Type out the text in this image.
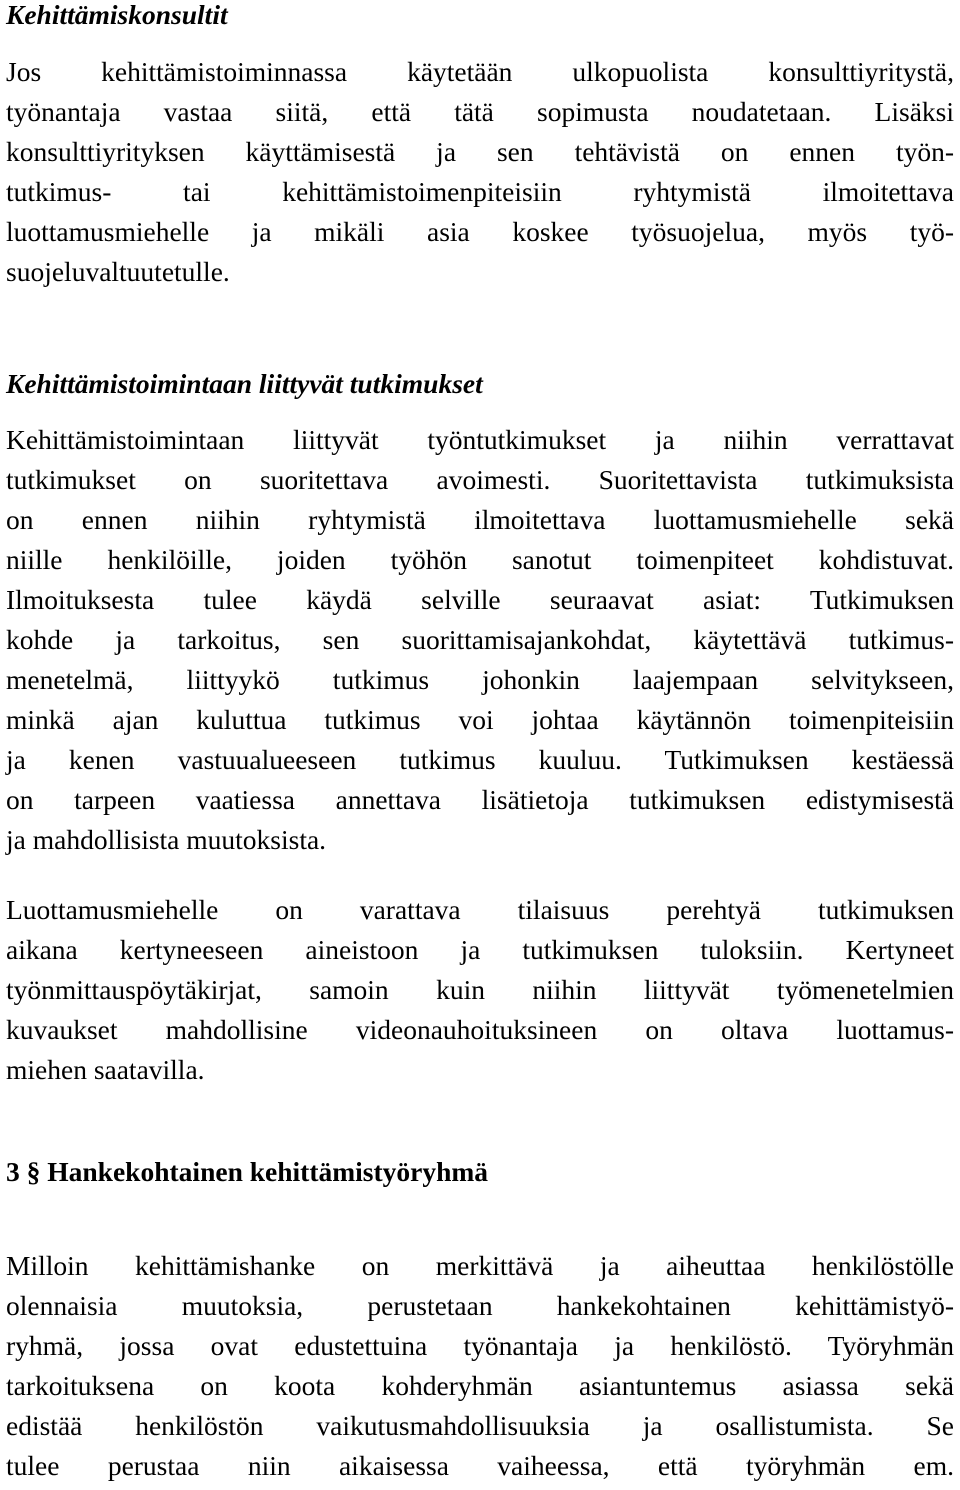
Kehittämiskonsultit
Jos kehittämistoiminnassa käytetään ulkopuolista konsulttiyritystä,
työnantaja vastaa siitä, että tätä sopimusta noudatetaan. Lisäksi
konsulttiyrityksen käyttämisestä ja sen tehtävistä on ennen työn-
tutkimus- tai kehittämistoimenpiteisiin ryhtymistä ilmoitettava
luottamusmiehelle ja mikäli asia koskee työsuojelua, myös työ-
suojeluvaltuutetulle.
Kehittämistoimintaan liittyvät tutkimukset
Kehittämistoimintaan liittyvät työntutkimukset ja niihin verrattavat
tutkimukset on suoritettava avoimesti. Suoritettavista tutkimuksista
on ennen niihin ryhtymistä ilmoitettava luottamusmiehelle sekä
niille henkilöille, joiden työhön sanotut toimenpiteet kohdistuvat.
Ilmoituksesta tulee käydä selville seuraavat asiat: Tutkimuksen
kohde ja tarkoitus, sen suorittamisajankohdat, käytettävä tutkimus-
menetelmä, liittyykö tutkimus johonkin laajempaan selvitykseen,
minkä ajan kuluttua tutkimus voi johtaa käytännön toimenpiteisiin
ja kenen vastuualueeseen tutkimus kuuluu. Tutkimuksen kestäessä
on tarpeen vaatiessa annettava lisätietoja tutkimuksen edistymisestä
ja mahdollisista muutoksista.
Luottamusmiehelle on varattava tilaisuus perehtyä tutkimuksen
aikana kertyneeseen aineistoon ja tutkimuksen tuloksiin. Kertyneet
työnmittauspöytäkirjat, samoin kuin niihin liittyvät työmenetelmien
kuvaukset mahdollisine videonauhoituksineen on oltava luottamus-
miehen saatavilla.
3 § Hankekohtainen kehittämistyöryhmä
Milloin kehittämishanke on merkittävä ja aiheuttaa henkilöstölle
olennaisia muutoksia, perustetaan hankekohtainen kehittämistyö-
ryhmä, jossa ovat edustettuina työnantaja ja henkilöstö. Työryhmän
tarkoituksena on koota kohderyhmän asiantuntemus asiassa sekä
edistää henkilöstön vaikutusmahdollisuuksia ja osallistumista. Se
tulee perustaa niin aikaisessa vaiheessa, että työryhmän em.
